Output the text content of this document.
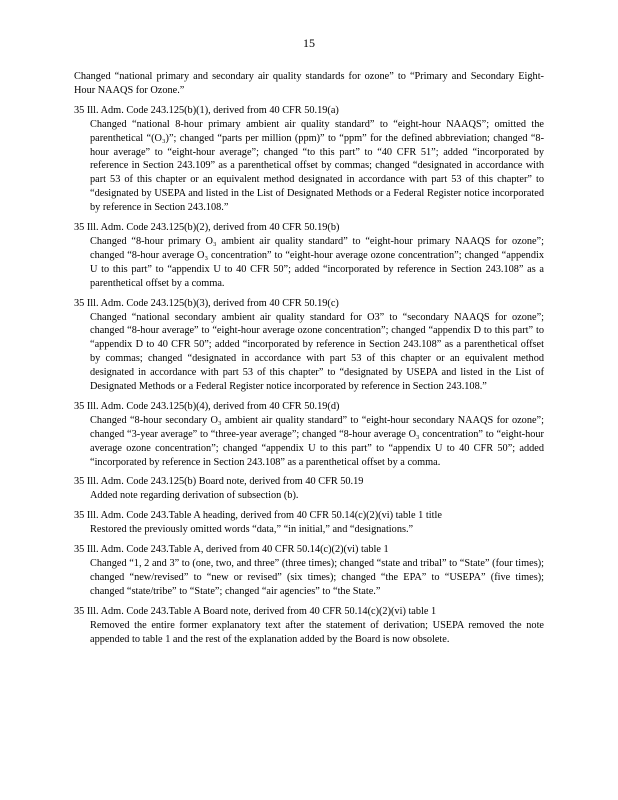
15

Changed “national primary and secondary air quality standards for ozone” to “Primary and Secondary Eight-Hour NAAQS for Ozone.”

35 Ill. Adm. Code 243.125(b)(1), derived from 40 CFR 50.19(a)

Changed “national 8-hour primary ambient air quality standard” to “eight-hour NAAQS”; omitted the parenthetical “(O₃)”; changed “parts per million (ppm)” to “ppm” for the defined abbreviation; changed “8-hour average” to “eight-hour average”; changed “to this part” to “40 CFR 51”; added “incorporated by reference in Section 243.109” as a parenthetical offset by commas; changed “designated in accordance with part 53 of this chapter or an equivalent method designated in accordance with part 53 of this chapter” to “designated by USEPA and listed in the List of Designated Methods or a Federal Register notice incorporated by reference in Section 243.108.”

35 Ill. Adm. Code 243.125(b)(2), derived from 40 CFR 50.19(b)

Changed “8-hour primary O₃ ambient air quality standard” to “eight-hour primary NAAQS for ozone”; changed “8-hour average O₃ concentration” to “eight-hour average ozone concentration”; changed “appendix U to this part” to “appendix U to 40 CFR 50”; added “incorporated by reference in Section 243.108” as a parenthetical offset by a comma.

35 Ill. Adm. Code 243.125(b)(3), derived from 40 CFR 50.19(c)

Changed “national secondary ambient air quality standard for O3” to “secondary NAAQS for ozone”; changed “8-hour average” to “eight-hour average ozone concentration”; changed “appendix D to this part” to “appendix D to 40 CFR 50”; added “incorporated by reference in Section 243.108” as a parenthetical offset by commas; changed “designated in accordance with part 53 of this chapter or an equivalent method designated in accordance with part 53 of this chapter” to “designated by USEPA and listed in the List of Designated Methods or a Federal Register notice incorporated by reference in Section 243.108.”

35 Ill. Adm. Code 243.125(b)(4), derived from 40 CFR 50.19(d)

Changed “8-hour secondary O₃ ambient air quality standard” to “eight-hour secondary NAAQS for ozone”; changed “3-year average” to “three-year average”; changed “8-hour average O₃ concentration” to “eight-hour average ozone concentration”; changed “appendix U to this part” to “appendix U to 40 CFR 50”; added “incorporated by reference in Section 243.108” as a parenthetical offset by a comma.

35 Ill. Adm. Code 243.125(b) Board note, derived from 40 CFR 50.19

Added note regarding derivation of subsection (b).

35 Ill. Adm. Code 243.Table A heading, derived from 40 CFR 50.14(c)(2)(vi) table 1 title

Restored the previously omitted words “data,” “in initial,” and “designations.”

35 Ill. Adm. Code 243.Table A, derived from 40 CFR 50.14(c)(2)(vi) table 1

Changed “1, 2 and 3” to (one, two, and three” (three times); changed “state and tribal” to “State” (four times); changed “new/revised” to “new or revised” (six times); changed “the EPA” to “USEPA” (five times); changed “state/tribe” to “State”; changed “air agencies” to “the State.”

35 Ill. Adm. Code 243.Table A Board note, derived from 40 CFR 50.14(c)(2)(vi) table 1

Removed the entire former explanatory text after the statement of derivation; USEPA removed the note appended to table 1 and the rest of the explanation added by the Board is now obsolete.
